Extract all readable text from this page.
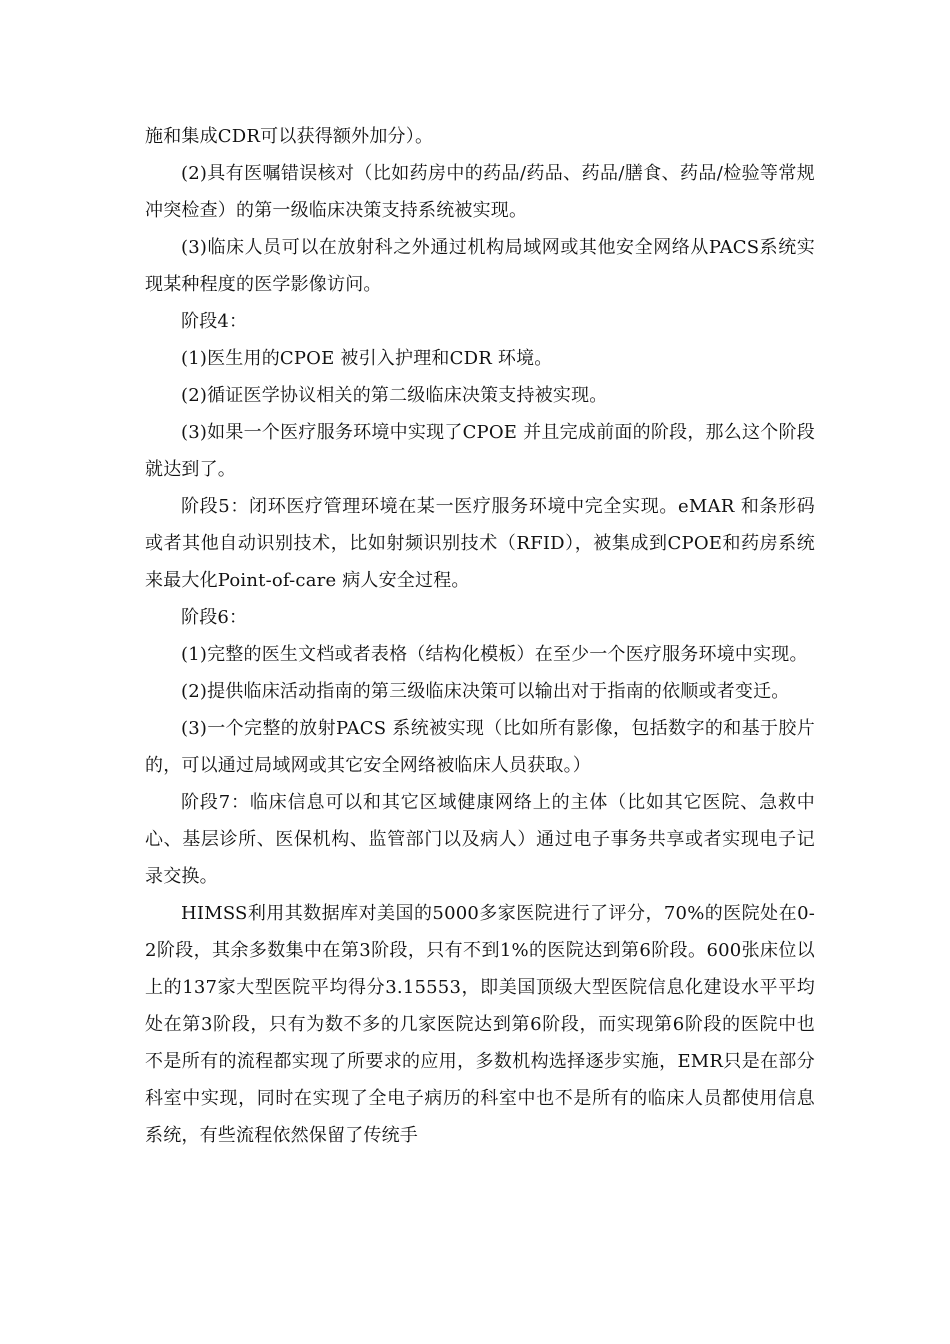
施和集成CDR可以获得额外加分）。

(2)具有医嘱错误核对（比如药房中的药品/药品、药品/膳食、药品/检验等常规冲突检查）的第一级临床决策支持系统被实现。

(3)临床人员可以在放射科之外通过机构局域网或其他安全网络从PACS系统实现某种程度的医学影像访问。

阶段4：

(1)医生用的CPOE 被引入护理和CDR 环境。

(2)循证医学协议相关的第二级临床决策支持被实现。

(3)如果一个医疗服务环境中实现了CPOE 并且完成前面的阶段，那么这个阶段就达到了。

阶段5：闭环医疗管理环境在某一医疗服务环境中完全实现。eMAR 和条形码或者其他自动识别技术，比如射频识别技术（RFID），被集成到CPOE和药房系统来最大化Point-of-care 病人安全过程。

阶段6：

(1)完整的医生文档或者表格（结构化模板）在至少一个医疗服务环境中实现。

(2)提供临床活动指南的第三级临床决策可以输出对于指南的依顺或者变迁。

(3)一个完整的放射PACS 系统被实现（比如所有影像，包括数字的和基于胶片的，可以通过局域网或其它安全网络被临床人员获取。）

阶段7：临床信息可以和其它区域健康网络上的主体（比如其它医院、急救中心、基层诊所、医保机构、监管部门以及病人）通过电子事务共享或者实现电子记录交换。

HIMSS利用其数据库对美国的5000多家医院进行了评分，70%的医院处在0-2阶段，其余多数集中在第3阶段，只有不到1%的医院达到第6阶段。600张床位以上的137家大型医院平均得分3.15553，即美国顶级大型医院信息化建设水平平均处在第3阶段，只有为数不多的几家医院达到第6阶段，而实现第6阶段的医院中也不是所有的流程都实现了所要求的应用，多数机构选择逐步实施，EMR只是在部分科室中实现，同时在实现了全电子病历的科室中也不是所有的临床人员都使用信息系统，有些流程依然保留了传统手
